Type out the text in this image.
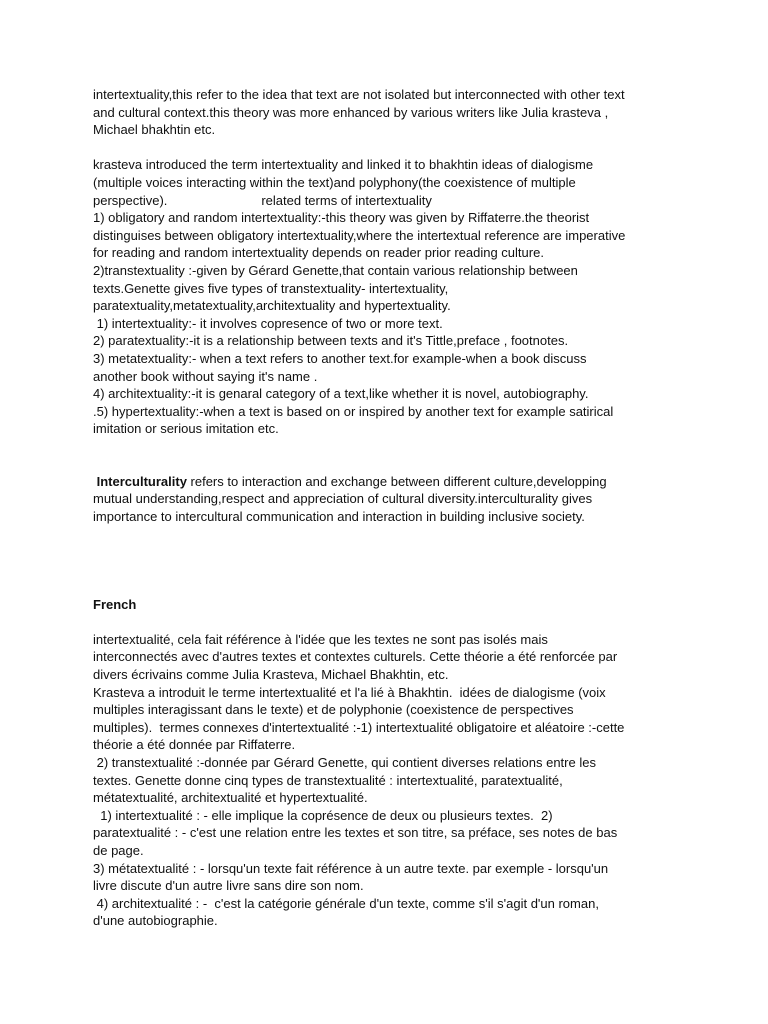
intertextuality,this refer to the idea that text are not isolated but interconnected with other text
and cultural context.this theory was more enhanced by various writers like Julia krasteva ,
Michael bhakhtin etc.
krasteva introduced the term intertextuality and linked it to bhakhtin ideas of dialogisme
(multiple voices interacting within the text)and polyphony(the coexistence of multiple
perspective).                          related terms of intertextuality
1) obligatory and random intertextuality:-this theory was given by Riffaterre.the theorist
distinguises between obligatory intertextuality,where the intertextual reference are imperative
for reading and random intertextuality depends on reader prior reading culture.
2)transtextuality :-given by Gérard Genette,that contain various relationship between
texts.Genette gives five types of transtextuality- intertextuality,
paratextuality,metatextuality,architextuality and hypertextuality.
1) intertextuality:- it involves copresence of two or more text.
2) paratextuality:-it is a relationship between texts and it's Tittle,preface , footnotes.
3) metatextuality:- when a text refers to another text.for example-when a book discuss
another book without saying it's name .
4) architextuality:-it is genaral category of a text,like whether it is novel, autobiography.
.5) hypertextuality:-when a text is based on or inspired by another text for example satirical
imitation or serious imitation etc.
Interculturality refers to interaction and exchange between different culture,developping
mutual understanding,respect and appreciation of cultural diversity.interculturality gives
importance to intercultural communication and interaction in building inclusive society.
French
intertextualité, cela fait référence à l'idée que les textes ne sont pas isolés mais
interconnectés avec d'autres textes et contextes culturels. Cette théorie a été renforcée par
divers écrivains comme Julia Krasteva, Michael Bhakhtin, etc.
Krasteva a introduit le terme intertextualité et l'a lié à Bhakhtin.  idées de dialogisme (voix
multiples interagissant dans le texte) et de polyphonie (coexistence de perspectives
multiples).  termes connexes d'intertextualité :-1) intertextualité obligatoire et aléatoire :-cette
théorie a été donnée par Riffaterre.
2) transtextualité :-donnée par Gérard Genette, qui contient diverses relations entre les
textes. Genette donne cinq types de transtextualité : intertextualité, paratextualité,
métatextualité, architextualité et hypertextualité.
1) intertextualité : - elle implique la coprésence de deux ou plusieurs textes.  2)
paratextualité : - c'est une relation entre les textes et son titre, sa préface, ses notes de bas
de page.
3) métatextualité : - lorsqu'un texte fait référence à un autre texte. par exemple - lorsqu'un
livre discute d'un autre livre sans dire son nom.
4) architextualité : -  c'est la catégorie générale d'un texte, comme s'il s'agit d'un roman,
d'une autobiographie.
